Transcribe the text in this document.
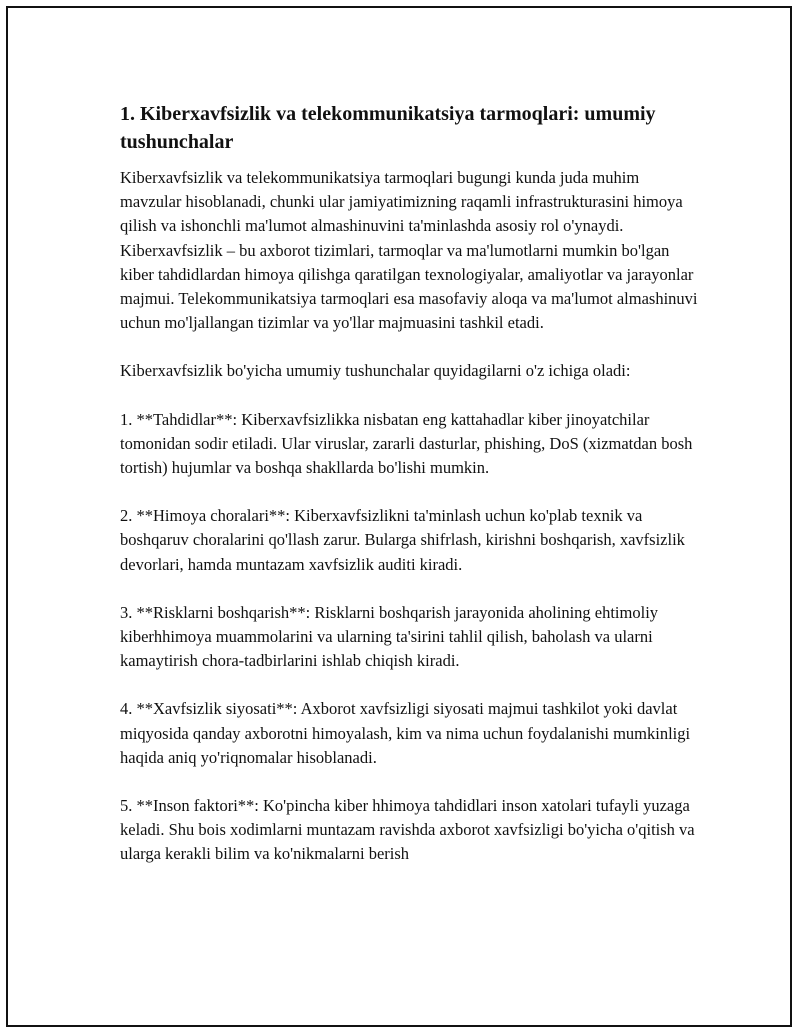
1. Kiberxavfsizlik va telekommunikatsiya tarmoqlari: umumiy tushunchalar

Kiberxavfsizlik va telekommunikatsiya tarmoqlari bugungi kunda juda muhim mavzular hisoblanadi, chunki ular jamiyatimizning raqamli infrastrukturasini himoya qilish va ishonchli ma'lumot almashinuvini ta'minlashda asosiy rol o'ynaydi. Kiberxavfsizlik – bu axborot tizimlari, tarmoqlar va ma'lumotlarni mumkin bo'lgan kiber tahdidlardan himoya qilishga qaratilgan texnologiyalar, amaliyotlar va jarayonlar majmui. Telekommunikatsiya tarmoqlari esa masofaviy aloqa va ma'lumot almashinuvi uchun mo'ljallangan tizimlar va yo'llar majmuasini tashkil etadi.

Kiberxavfsizlik bo'yicha umumiy tushunchalar quyidagilarni o'z ichiga oladi:

1. **Tahdidlar**: Kiberxavfsizlikka nisbatan eng kattahadlar kiber jinoyatchilar tomonidan sodir etiladi. Ular viruslar, zararli dasturlar, phishing, DoS (xizmatdan bosh tortish) hujumlar va boshqa shakllarda bo'lishi mumkin.

2. **Himoya choralari**: Kiberxavfsizlikni ta'minlash uchun ko'plab texnik va boshqaruv choralarini qo'llash zarur. Bularga shifrlash, kirishni boshqarish, xavfsizlik devorlari, hamda muntazam xavfsizlik auditi kiradi.

3. **Risklarni boshqarish**: Risklarni boshqarish jarayonida aholining ehtimoliy kiberhhimoya muammolarini va ularning ta'sirini tahlil qilish, baholash va ularni kamaytirish chora-tadbirlarini ishlab chiqish kiradi.

4. **Xavfsizlik siyosati**: Axborot xavfsizligi siyosati majmui tashkilot yoki davlat miqyosida qanday axborotni himoyalash, kim va nima uchun foydalanishi mumkinligi haqida aniq yo'riqnomalar hisoblanadi.

5. **Inson faktori**: Ko'pincha kiber hhimoya tahdidlari inson xatolari tufayli yuzaga keladi. Shu bois xodimlarni muntazam ravishda axborot xavfsizligi bo'yicha o'qitish va ularga kerakli bilim va ko'nikmalarni berish
